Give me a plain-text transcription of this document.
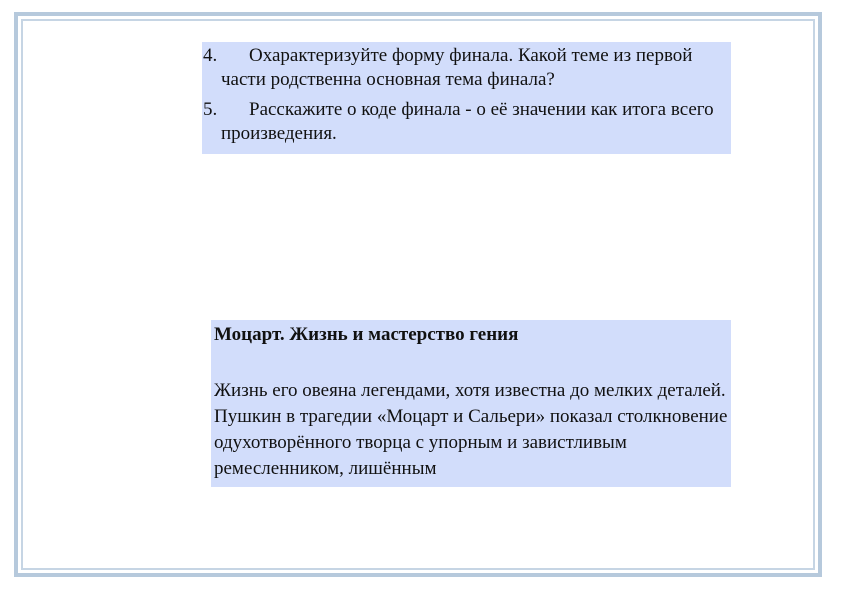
4.	Охарактеризуйте форму финала. Какой теме из первой части родственна основная тема финала?
5.	Расскажите о коде финала - о её значении как итога всего произведения.

Моцарт. Жизнь и мастерство гения

Жизнь его овеяна легендами, хотя известна до мелких деталей. Пушкин в трагедии «Моцарт и Сальери» показал столкновение одухотворённого творца с упорным и завистливым ремесленником, лишённым
